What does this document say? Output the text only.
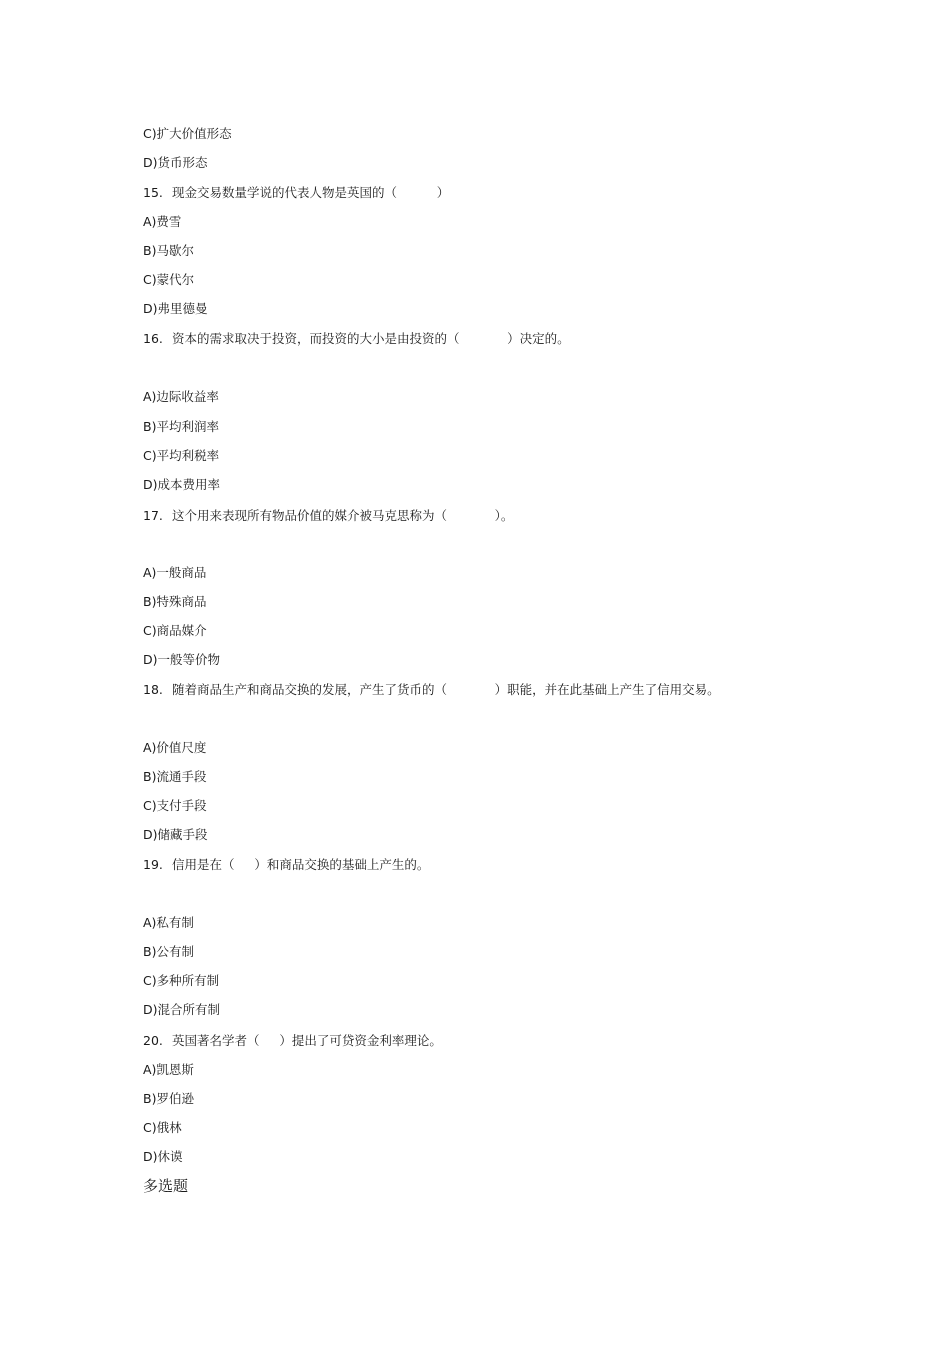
C)扩大价值形态

D)货币形态

15. 现金交易数量学说的代表人物是英国的（          ）

A)费雪

B)马歇尔

C)蒙代尔

D)弗里德曼

16. 资本的需求取决于投资，而投资的大小是由投资的（            ）决定的。

A)边际收益率

B)平均利润率

C)平均利税率

D)成本费用率

17. 这个用来表现所有物品价值的媒介被马克思称为（            ）。

A)一般商品

B)特殊商品

C)商品媒介

D)一般等价物

18. 随着商品生产和商品交换的发展，产生了货币的（            ）职能，并在此基础上产生了信用交易。

A)价值尺度

B)流通手段

C)支付手段

D)储藏手段

19. 信用是在（     ）和商品交换的基础上产生的。

A)私有制

B)公有制

C)多种所有制

D)混合所有制

20. 英国著名学者（     ）提出了可贷资金利率理论。

A)凯恩斯

B)罗伯逊

C)俄林

D)休谟

多选题
